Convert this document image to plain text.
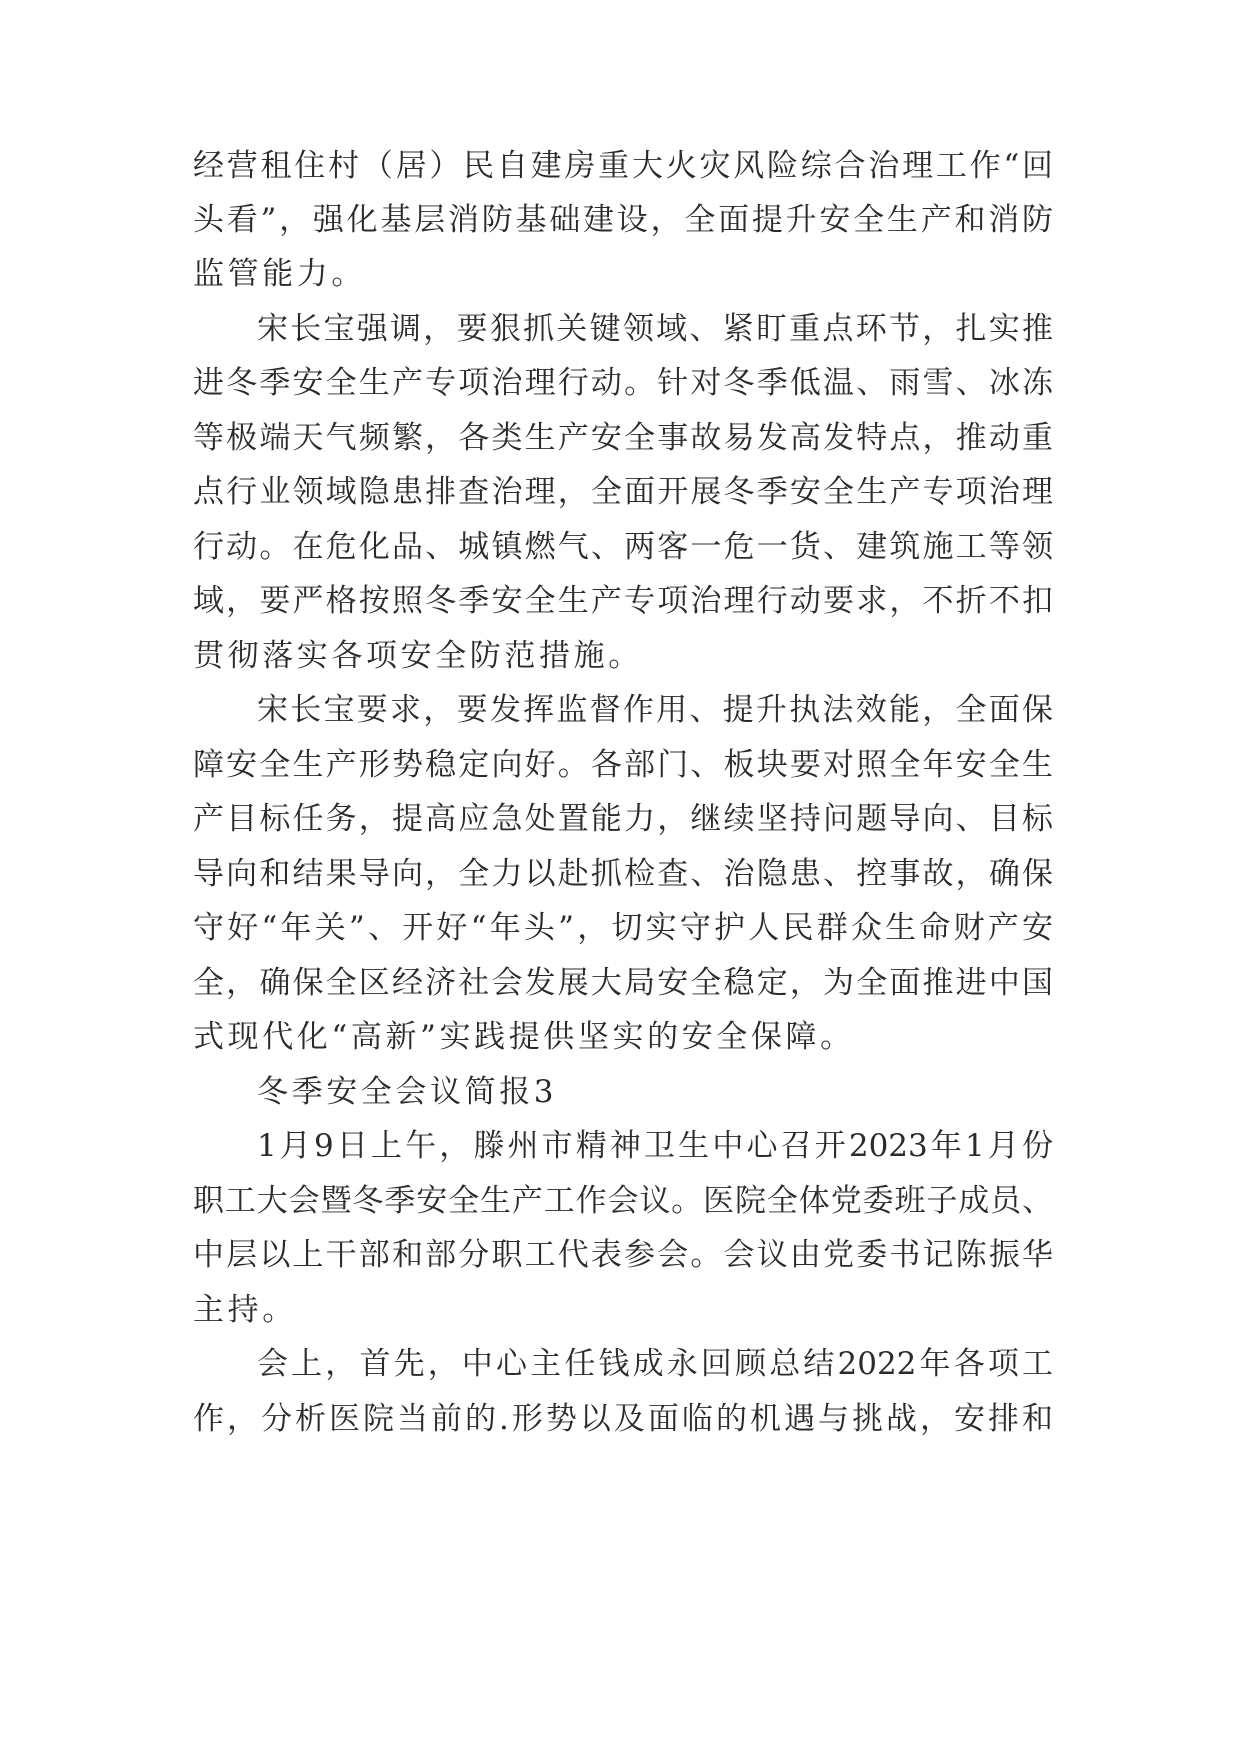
经营租住村（居）民自建房重大火灾风险综合治理工作“回
头看”，强化基层消防基础建设，全面提升安全生产和消防
监管能力。
宋长宝强调，要狠抓关键领域、紧盯重点环节，扎实推
进冬季安全生产专项治理行动。针对冬季低温、雨雪、冰冻
等极端天气频繁，各类生产安全事故易发高发特点，推动重
点行业领域隐患排查治理，全面开展冬季安全生产专项治理
行动。在危化品、城镇燃气、两客一危一货、建筑施工等领
域，要严格按照冬季安全生产专项治理行动要求，不折不扣
贯彻落实各项安全防范措施。
宋长宝要求，要发挥监督作用、提升执法效能，全面保
障安全生产形势稳定向好。各部门、板块要对照全年安全生
产目标任务，提高应急处置能力，继续坚持问题导向、目标
导向和结果导向，全力以赴抓检查、治隐患、控事故，确保
守好“年关”、开好“年头”，切实守护人民群众生命财产安
全，确保全区经济社会发展大局安全稳定，为全面推进中国
式现代化“高新”实践提供坚实的安全保障。
冬季安全会议简报3
1月9日上午，滕州市精神卫生中心召开2023年1月份
职工大会暨冬季安全生产工作会议。医院全体党委班子成员、
中层以上干部和部分职工代表参会。会议由党委书记陈振华
主持。
会上，首先，中心主任钱成永回顾总结2022年各项工
作，分析医院当前的.形势以及面临的机遇与挑战，安排和
